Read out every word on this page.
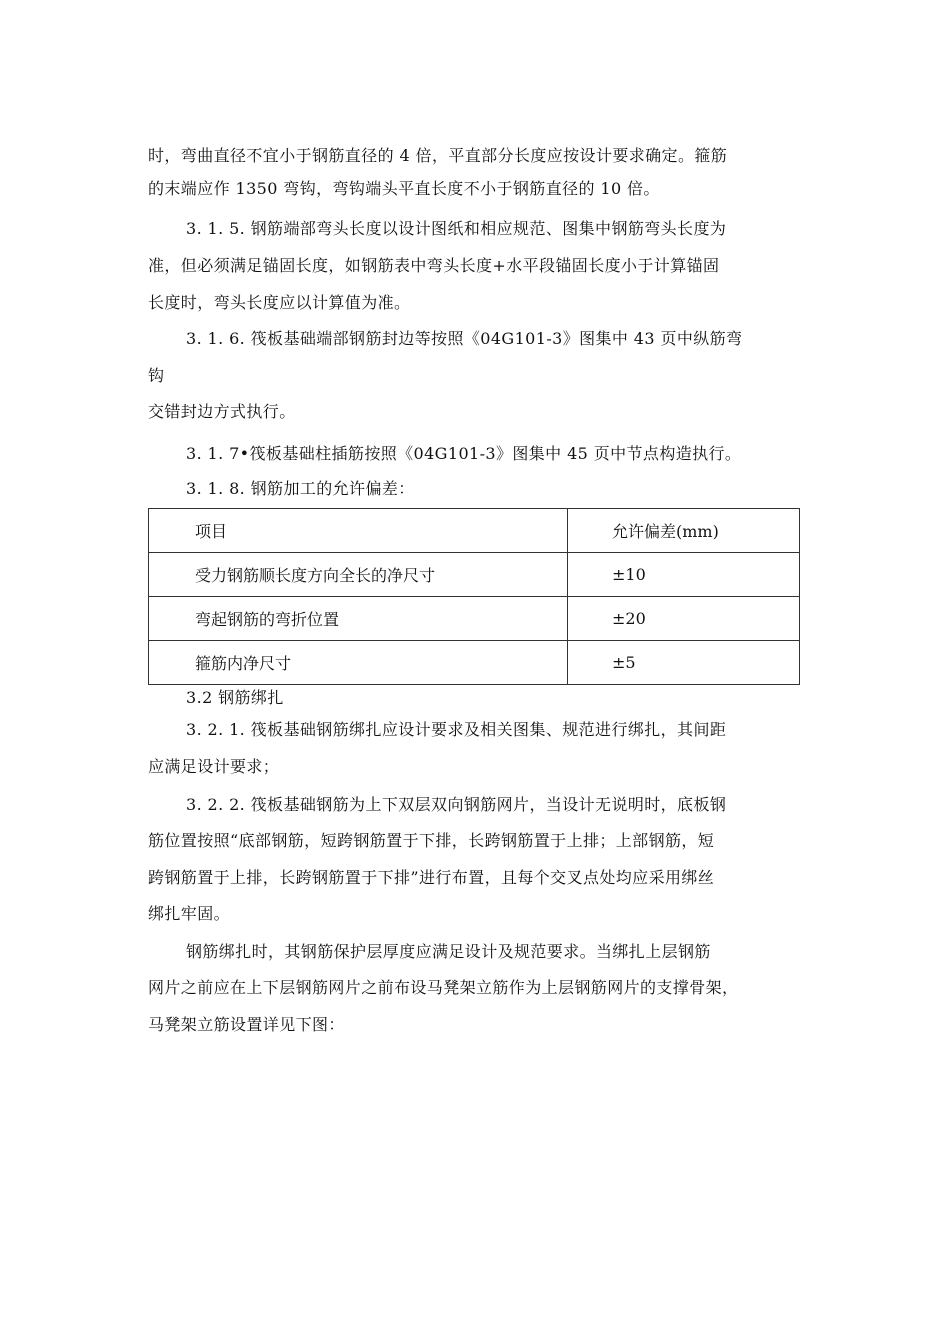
时，弯曲直径不宜小于钢筋直径的 4 倍，平直部分长度应按设计要求确定。箍筋
的末端应作 1350 弯钩，弯钩端头平直长度不小于钢筋直径的 10 倍。
3. 1. 5. 钢筋端部弯头长度以设计图纸和相应规范、图集中钢筋弯头长度为
准，但必须满足锚固长度，如钢筋表中弯头长度+水平段锚固长度小于计算锚固
长度时，弯头长度应以计算值为准。
3. 1. 6. 筏板基础端部钢筋封边等按照《04G101-3》图集中 43 页中纵筋弯
钩
交错封边方式执行。
3. 1. 7•筏板基础柱插筋按照《04G101-3》图集中 45 页中节点构造执行。
3. 1. 8. 钢筋加工的允许偏差：
项目	允许偏差(mm)
受力钢筋顺长度方向全长的净尺寸	±10
弯起钢筋的弯折位置	±20
箍筋内净尺寸	±5
3.2 钢筋绑扎
3. 2. 1. 筏板基础钢筋绑扎应设计要求及相关图集、规范进行绑扎，其间距
应满足设计要求；
3. 2. 2. 筏板基础钢筋为上下双层双向钢筋网片，当设计无说明时，底板钢
筋位置按照“底部钢筋，短跨钢筋置于下排，长跨钢筋置于上排；上部钢筋，短
跨钢筋置于上排，长跨钢筋置于下排”进行布置，且每个交叉点处均应采用绑丝
绑扎牢固。
钢筋绑扎时，其钢筋保护层厚度应满足设计及规范要求。当绑扎上层钢筋
网片之前应在上下层钢筋网片之前布设马凳架立筋作为上层钢筋网片的支撑骨架，
马凳架立筋设置详见下图：
